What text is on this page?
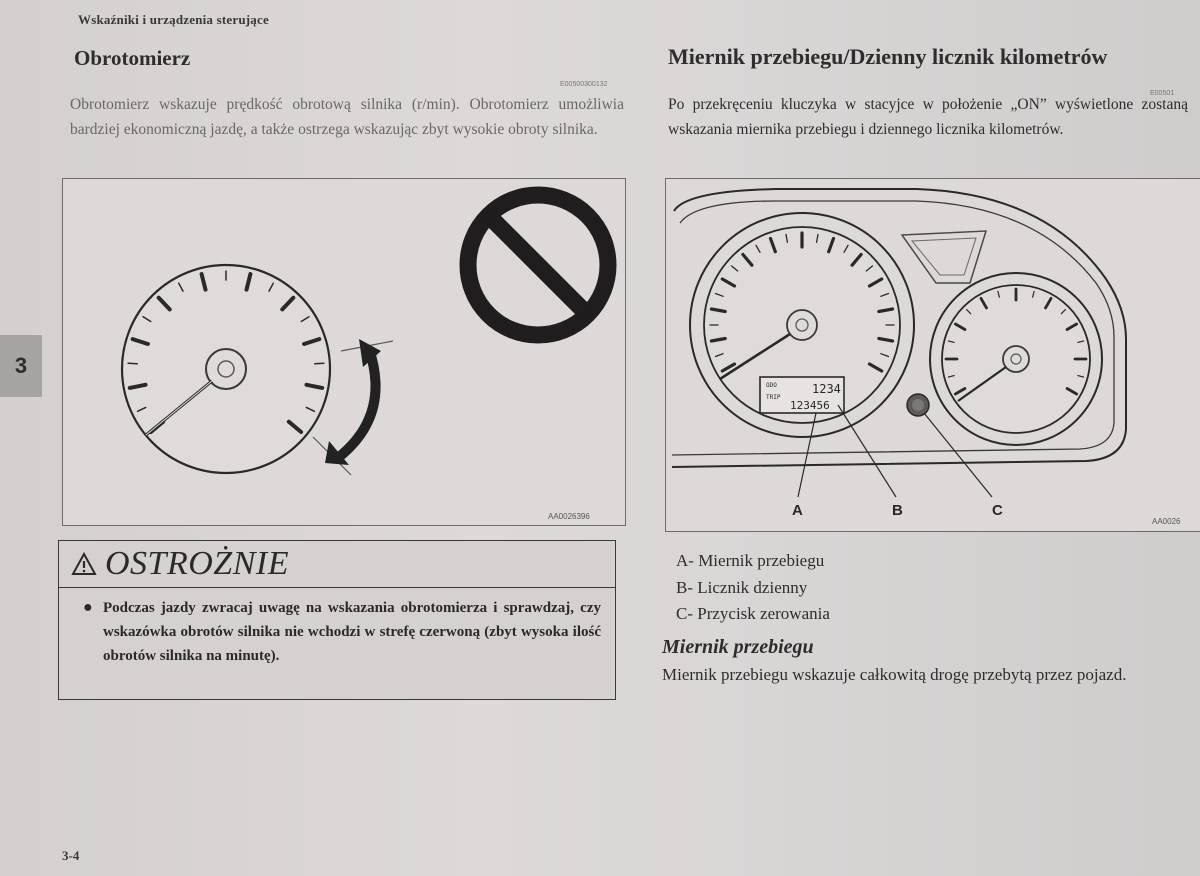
Wskaźniki i urządzenia sterujące
3
Obrotomierz
E00500300132
Obrotomierz wskazuje prędkość obrotową silnika (r/min). Obrotomierz umożliwia bardziej ekonomiczną jazdę, a także ostrzega wskazując zbyt wysokie obroty silnika.
AA0026396
OSTROŻNIE
● Podczas jazdy zwracaj uwagę na wskazania obrotomierza i sprawdzaj, czy wskazówka obrotów silnika nie wchodzi w strefę czerwoną (zbyt wysoka ilość obrotów silnika na minutę).
Miernik przebiegu/Dzienny licznik kilometrów
E00501
Po przekręceniu kluczyka w stacyjce w położenie „ON” wyświetlone zostaną wskazania miernika przebiegu i dziennego licznika kilometrów.
ODO
TRIP
1234
123456
A	B	C
AA0026
A- Miernik przebiegu
B- Licznik dzienny
C- Przycisk zerowania
Miernik przebiegu
Miernik przebiegu wskazuje całkowitą drogę przebytą przez pojazd.
3-4
